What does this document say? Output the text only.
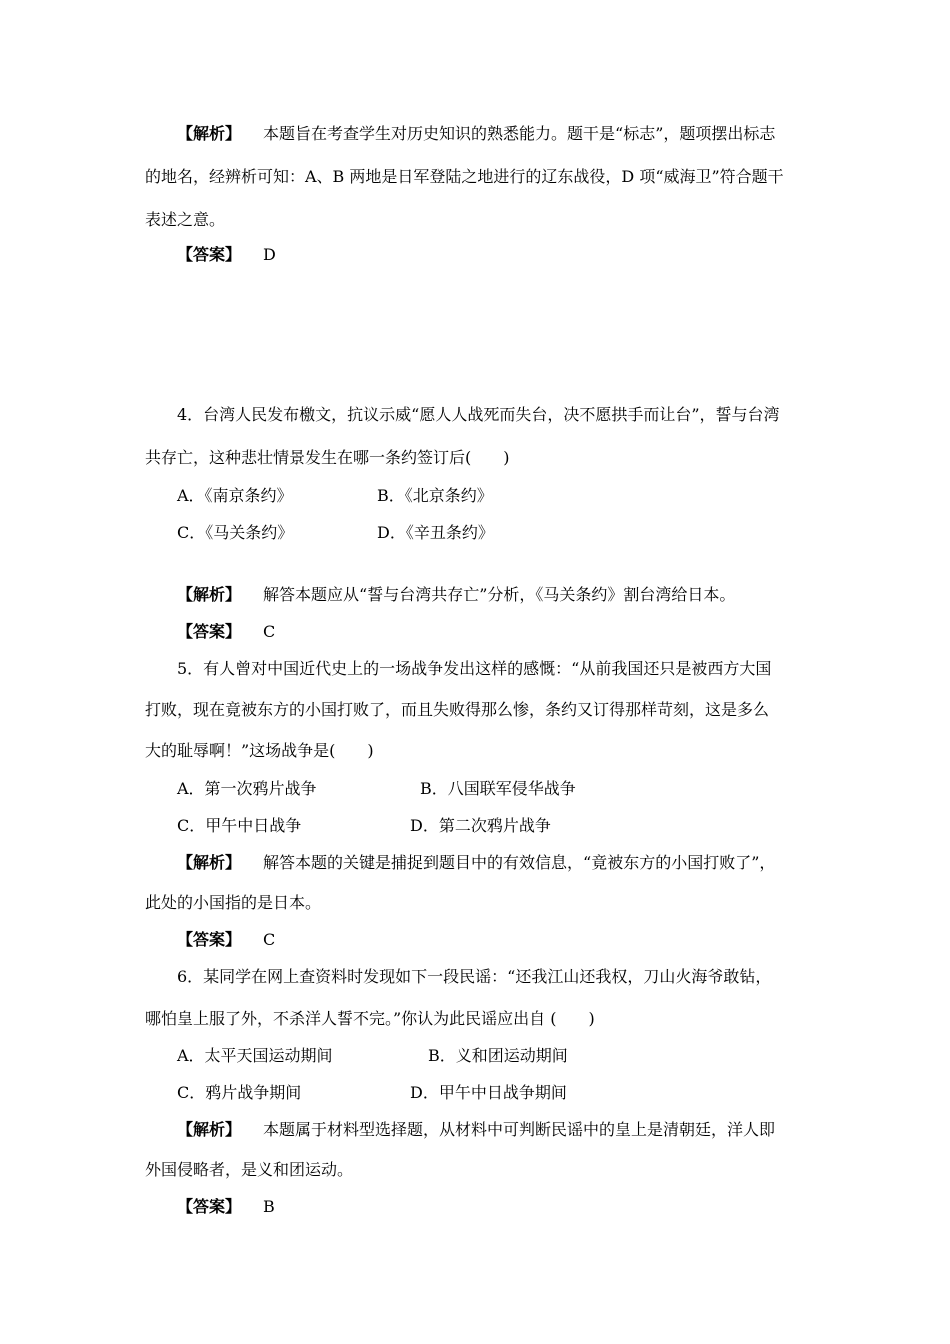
【解析】 本题旨在考查学生对历史知识的熟悉能力。题干是“标志”，题项摆出标志
的地名，经辨析可知：A、B 两地是日军登陆之地进行的辽东战役，D 项“威海卫”符合题干
表述之意。
【答案】 D
4．台湾人民发布檄文，抗议示威“愿人人战死而失台，决不愿拱手而让台”，誓与台湾
共存亡，这种悲壮情景发生在哪一条约签订后(　　)
A．《南京条约》	B．《北京条约》
C．《马关条约》	D．《辛丑条约》
【解析】 解答本题应从“誓与台湾共存亡”分析，《马关条约》割台湾给日本。
【答案】 C
5．有人曾对中国近代史上的一场战争发出这样的感慨：“从前我国还只是被西方大国
打败，现在竟被东方的小国打败了，而且失败得那么惨，条约又订得那样苛刻，这是多么
大的耻辱啊！”这场战争是(　　)
A．第一次鸦片战争	B．八国联军侵华战争
C．甲午中日战争	D．第二次鸦片战争
【解析】 解答本题的关键是捕捉到题目中的有效信息，“竟被东方的小国打败了”，
此处的小国指的是日本。
【答案】 C
6．某同学在网上查资料时发现如下一段民谣：“还我江山还我权，刀山火海爷敢钻，
哪怕皇上服了外，不杀洋人誓不完。”你认为此民谣应出自 (　　)
A．太平天国运动期间	B．义和团运动期间
C．鸦片战争期间	D．甲午中日战争期间
【解析】 本题属于材料型选择题，从材料中可判断民谣中的皇上是清朝廷，洋人即
外国侵略者，是义和团运动。
【答案】 B
